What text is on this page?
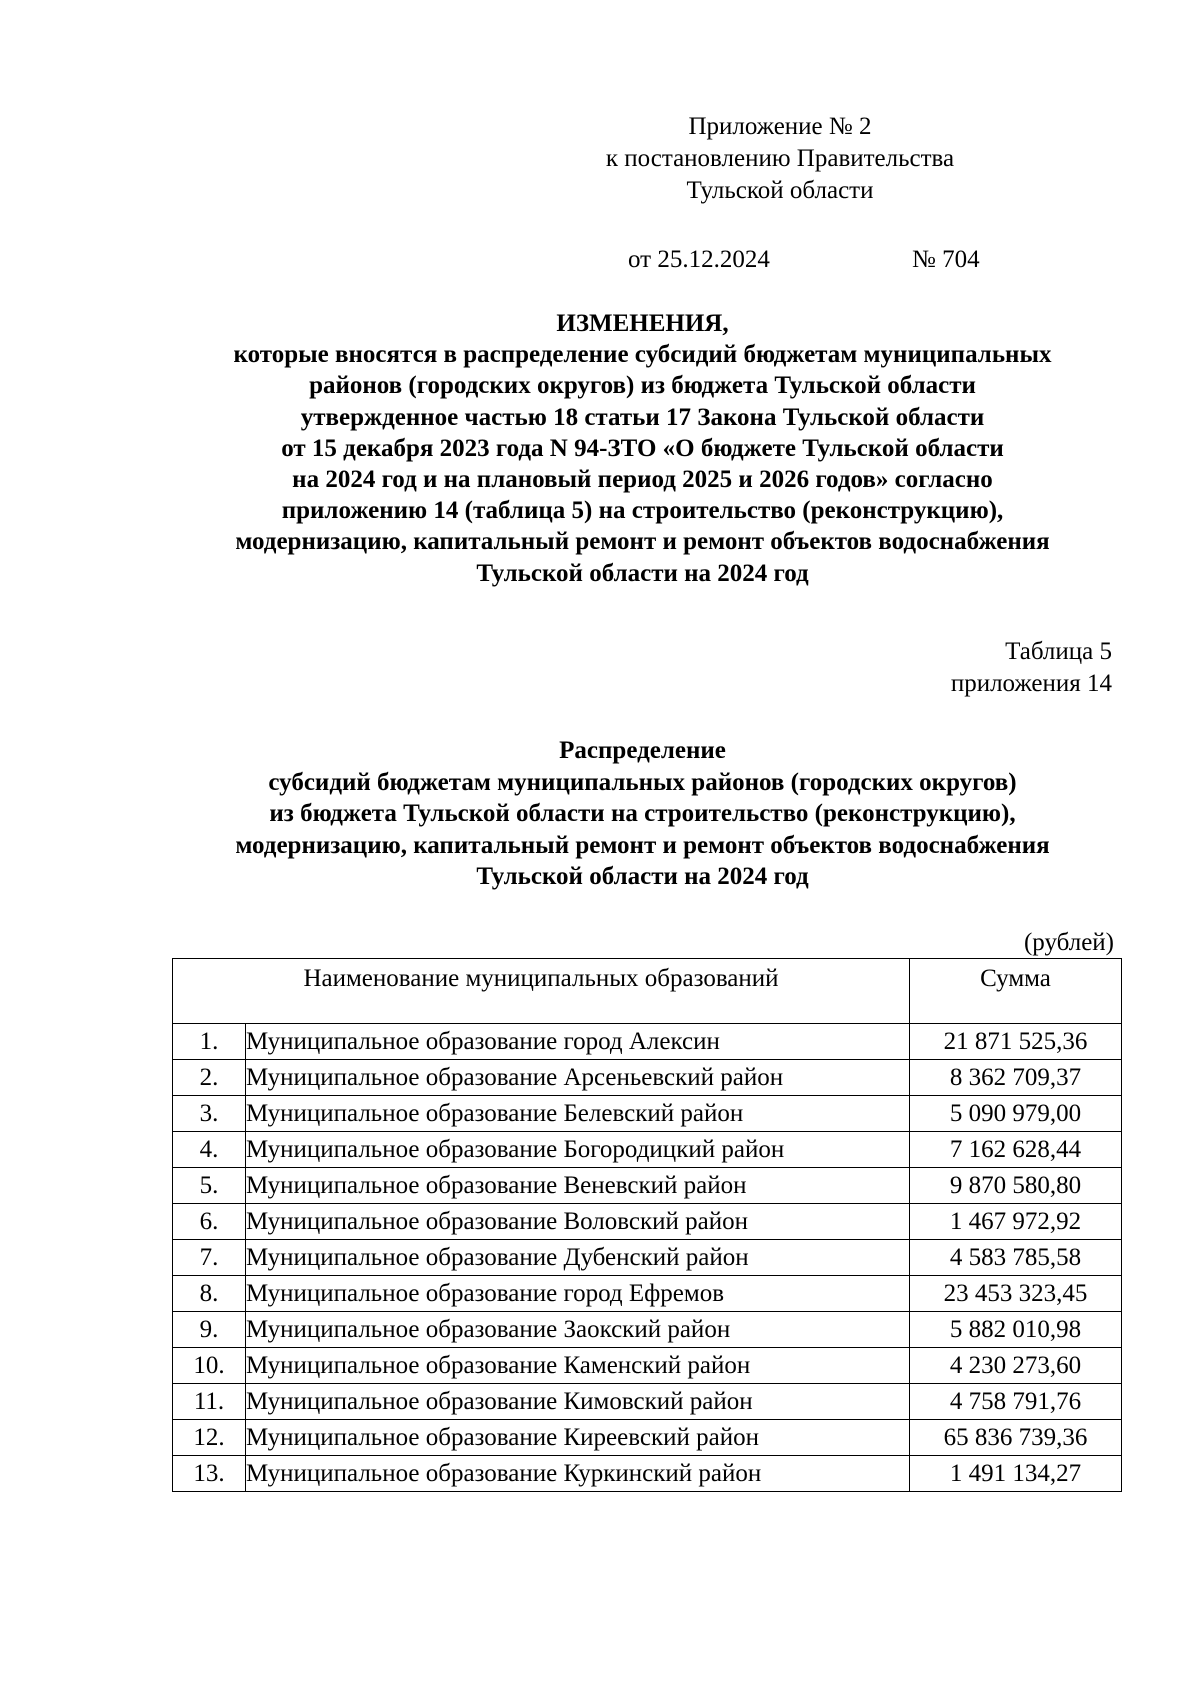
Приложение № 2
к постановлению Правительства
Тульской области
от 25.12.2024	№ 704
ИЗМЕНЕНИЯ,
которые вносятся в распределение субсидий бюджетам муниципальных
районов (городских округов) из бюджета Тульской области
утвержденное частью 18 статьи 17 Закона Тульской области
от 15 декабря 2023 года N 94-ЗТО «О бюджете Тульской области
на 2024 год и на плановый период 2025 и 2026 годов» согласно
приложению 14 (таблица 5) на строительство (реконструкцию),
модернизацию, капитальный ремонт и ремонт объектов водоснабжения
Тульской области на 2024 год
Таблица 5
приложения 14
Распределение
субсидий бюджетам муниципальных районов (городских округов)
из бюджета Тульской области на строительство (реконструкцию),
модернизацию, капитальный ремонт и ремонт объектов водоснабжения
Тульской области на 2024 год
(рублей)
Наименование муниципальных образований		Сумма
1.	Муниципальное образование город Алексин	21 871 525,36
2.	Муниципальное образование Арсеньевский район	8 362 709,37
3.	Муниципальное образование Белевский район	5 090 979,00
4.	Муниципальное образование Богородицкий район	7 162 628,44
5.	Муниципальное образование Веневский район	9 870 580,80
6.	Муниципальное образование Воловский район	1 467 972,92
7.	Муниципальное образование Дубенский район	4 583 785,58
8.	Муниципальное образование город Ефремов	23 453 323,45
9.	Муниципальное образование Заокский район	5 882 010,98
10.	Муниципальное образование Каменский район	4 230 273,60
11.	Муниципальное образование Кимовский район	4 758 791,76
12.	Муниципальное образование Киреевский район	65 836 739,36
13.	Муниципальное образование Куркинский район	1 491 134,27
